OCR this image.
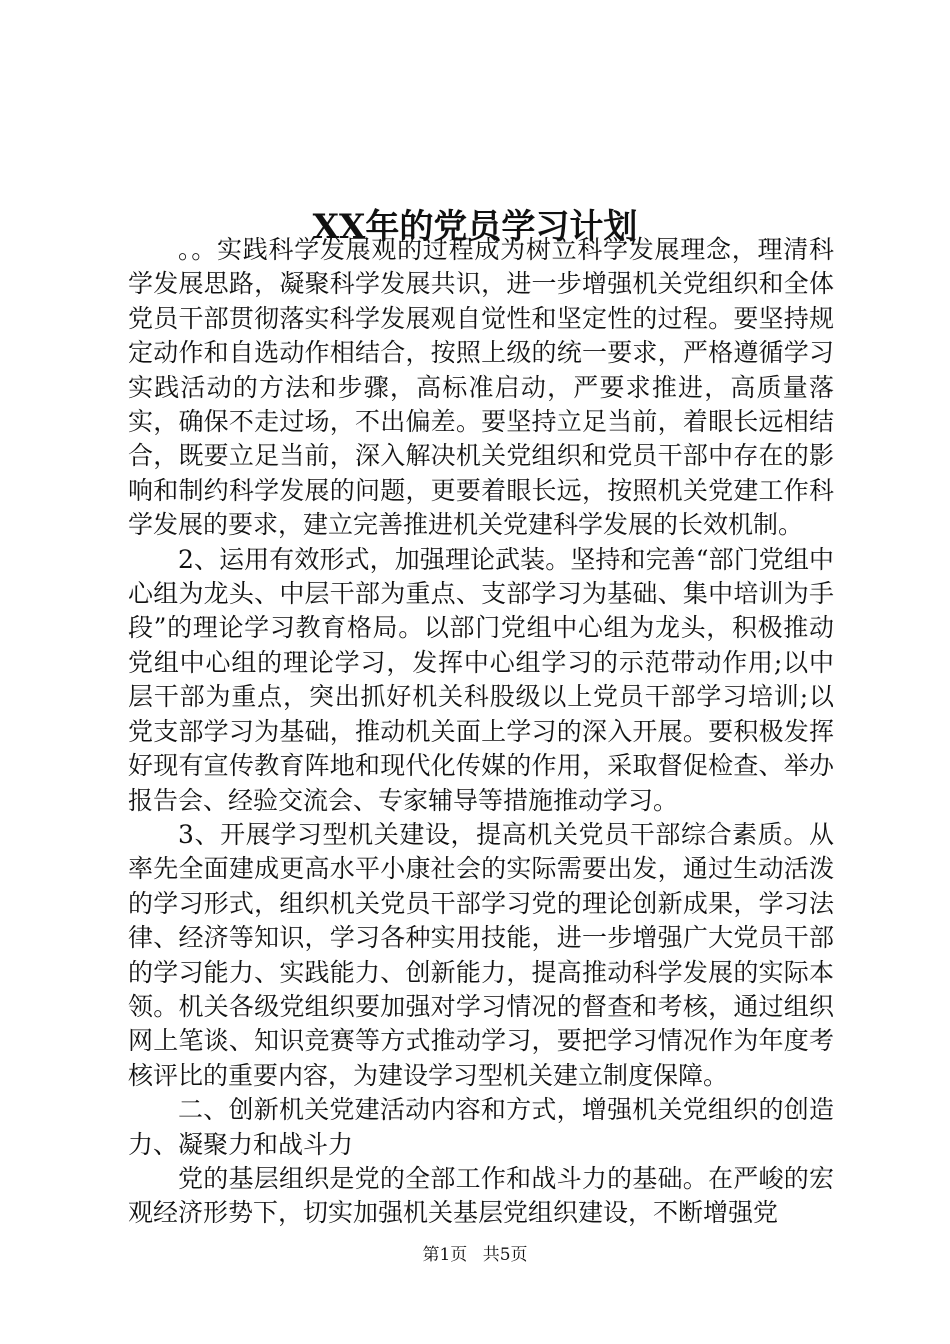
XX年的党员学习计划

。。实践科学发展观的过程成为树立科学发展理念，理清科学发展思路，凝聚科学发展共识，进一步增强机关党组织和全体党员干部贯彻落实科学发展观自觉性和坚定性的过程。要坚持规定动作和自选动作相结合，按照上级的统一要求，严格遵循学习实践活动的方法和步骤，高标准启动，严要求推进，高质量落实，确保不走过场，不出偏差。要坚持立足当前，着眼长远相结合，既要立足当前，深入解决机关党组织和党员干部中存在的影响和制约科学发展的问题，更要着眼长远，按照机关党建工作科学发展的要求，建立完善推进机关党建科学发展的长效机制。

2、运用有效形式，加强理论武装。坚持和完善“部门党组中心组为龙头、中层干部为重点、支部学习为基础、集中培训为手段”的理论学习教育格局。以部门党组中心组为龙头，积极推动党组中心组的理论学习，发挥中心组学习的示范带动作用;以中层干部为重点，突出抓好机关科股级以上党员干部学习培训;以党支部学习为基础，推动机关面上学习的深入开展。要积极发挥好现有宣传教育阵地和现代化传媒的作用，采取督促检查、举办报告会、经验交流会、专家辅导等措施推动学习。

3、开展学习型机关建设，提高机关党员干部综合素质。从率先全面建成更高水平小康社会的实际需要出发，通过生动活泼的学习形式，组织机关党员干部学习党的理论创新成果，学习法律、经济等知识，学习各种实用技能，进一步增强广大党员干部的学习能力、实践能力、创新能力，提高推动科学发展的实际本领。机关各级党组织要加强对学习情况的督查和考核，通过组织网上笔谈、知识竞赛等方式推动学习，要把学习情况作为年度考核评比的重要内容，为建设学习型机关建立制度保障。

二、创新机关党建活动内容和方式，增强机关党组织的创造力、凝聚力和战斗力

党的基层组织是党的全部工作和战斗力的基础。在严峻的宏观经济形势下，切实加强机关基层党组织建设，不断增强党

第1页 共5页
